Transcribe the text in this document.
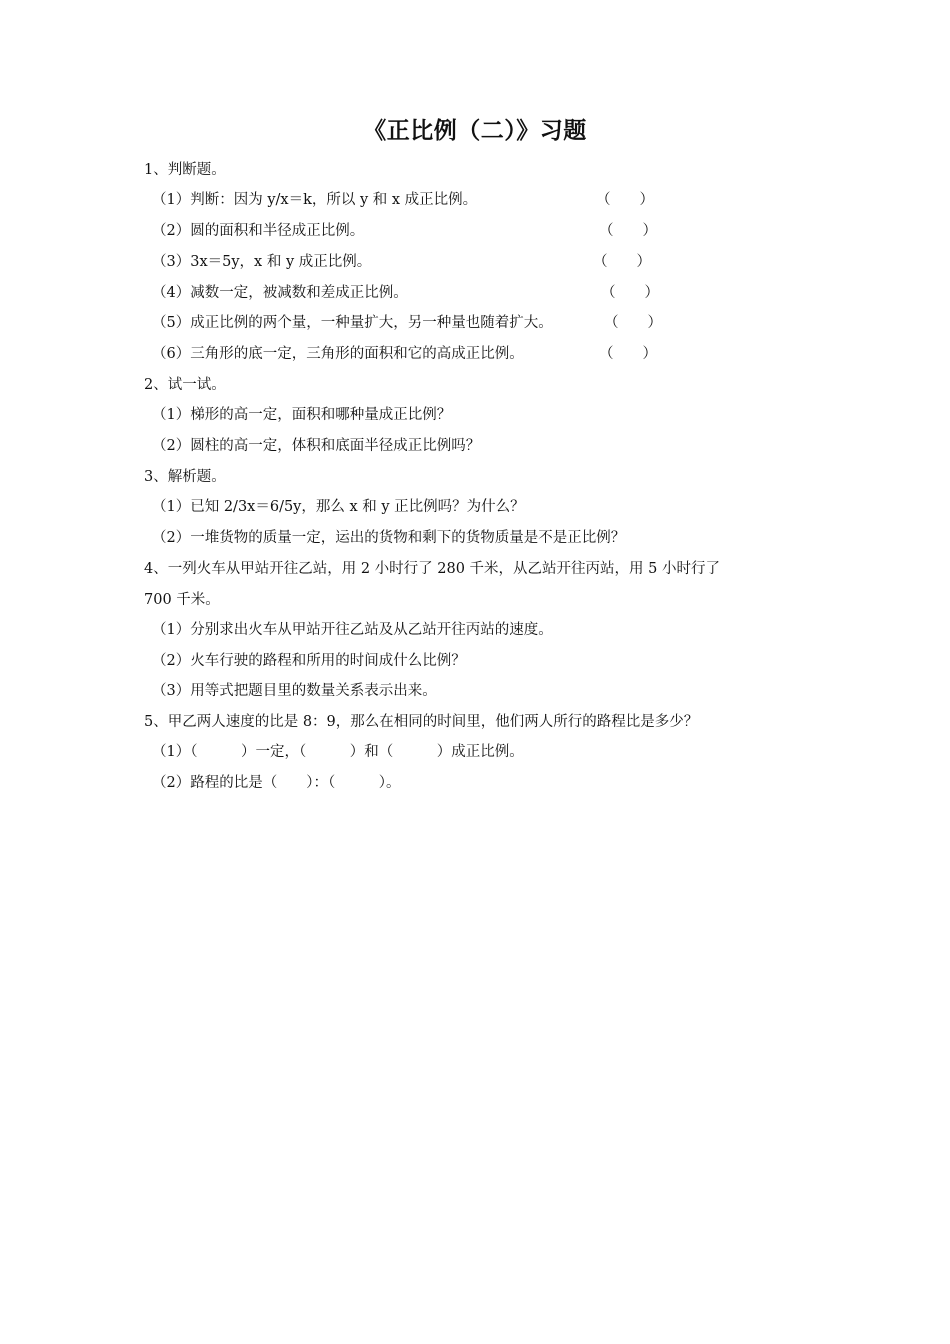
《正比例（二）》习题
1、判断题。
（1）判断：因为 y/x＝k，所以 y 和 x 成正比例。	（　　）
（2）圆的面积和半径成正比例。	（　　）
（3）3x＝5y，x 和 y 成正比例。	（　　）
（4）减数一定，被减数和差成正比例。	（　　）
（5）成正比例的两个量，一种量扩大，另一种量也随着扩大。	（　　）
（6）三角形的底一定，三角形的面积和它的高成正比例。	（　　）
2、试一试。
（1）梯形的高一定，面积和哪种量成正比例？
（2）圆柱的高一定，体积和底面半径成正比例吗？
3、解析题。
（1）已知 2/3x＝6/5y，那么 x 和 y 正比例吗？为什么？
（2）一堆货物的质量一定，运出的货物和剩下的货物质量是不是正比例？
4、一列火车从甲站开往乙站，用 2 小时行了 280 千米，从乙站开往丙站，用 5 小时行了
700 千米。
（1）分别求出火车从甲站开往乙站及从乙站开往丙站的速度。
（2）火车行驶的路程和所用的时间成什么比例？
（3）用等式把题目里的数量关系表示出来。
5、甲乙两人速度的比是 8：9，那么在相同的时间里，他们两人所行的路程比是多少？
（1）（　　　）一定，（　　　）和（　　　）成正比例。
（2）路程的比是（　　）：（　　　）。
